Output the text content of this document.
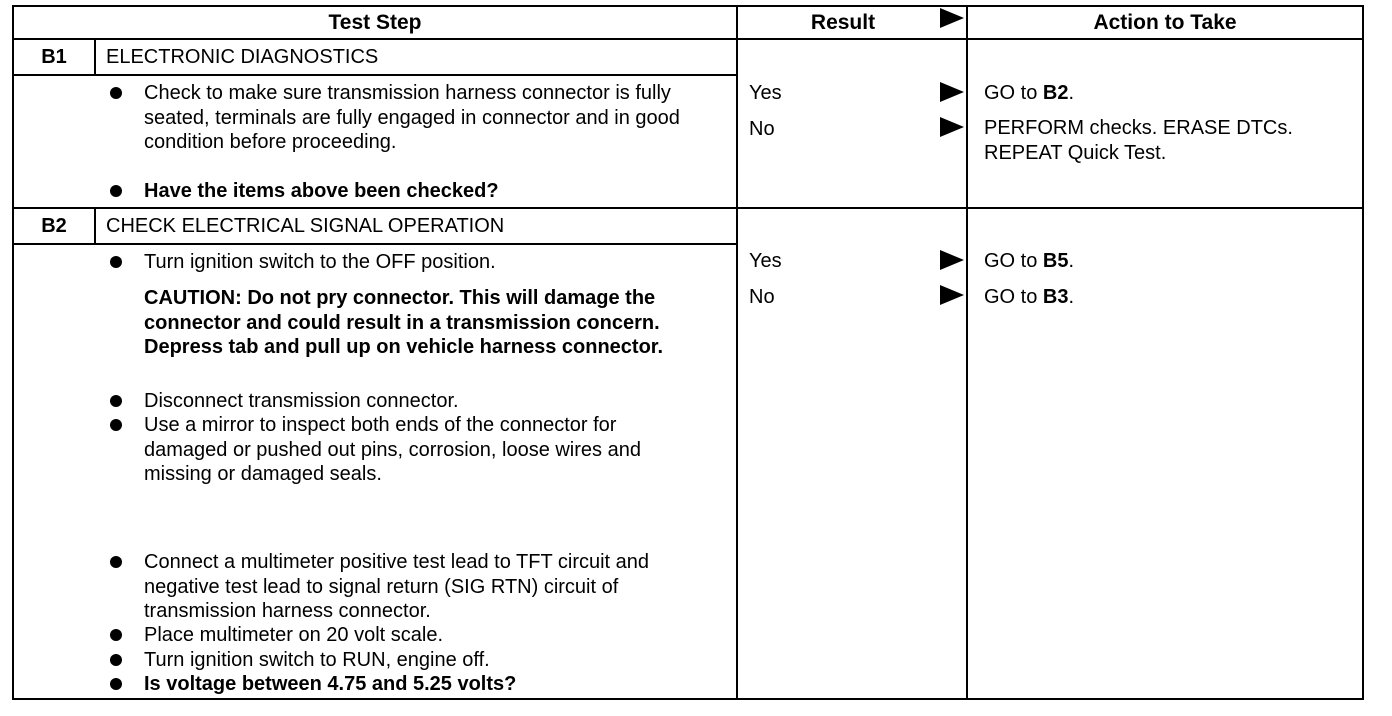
Test Step	Result	Action to Take
B1	ELECTRONIC DIAGNOSTICS
Check to make sure transmission harness connector is fully seated, terminals are fully engaged in connector and in good condition before proceeding.
Have the items above been checked?
Yes	GO to B2.
No	PERFORM checks. ERASE DTCs. REPEAT Quick Test.
B2	CHECK ELECTRICAL SIGNAL OPERATION
Turn ignition switch to the OFF position.
CAUTION: Do not pry connector. This will damage the connector and could result in a transmission concern. Depress tab and pull up on vehicle harness connector.
Disconnect transmission connector.
Use a mirror to inspect both ends of the connector for damaged or pushed out pins, corrosion, loose wires and missing or damaged seals.
Connect a multimeter positive test lead to TFT circuit and negative test lead to signal return (SIG RTN) circuit of transmission harness connector.
Place multimeter on 20 volt scale.
Turn ignition switch to RUN, engine off.
Is voltage between 4.75 and 5.25 volts?
Yes	GO to B5.
No	GO to B3.
